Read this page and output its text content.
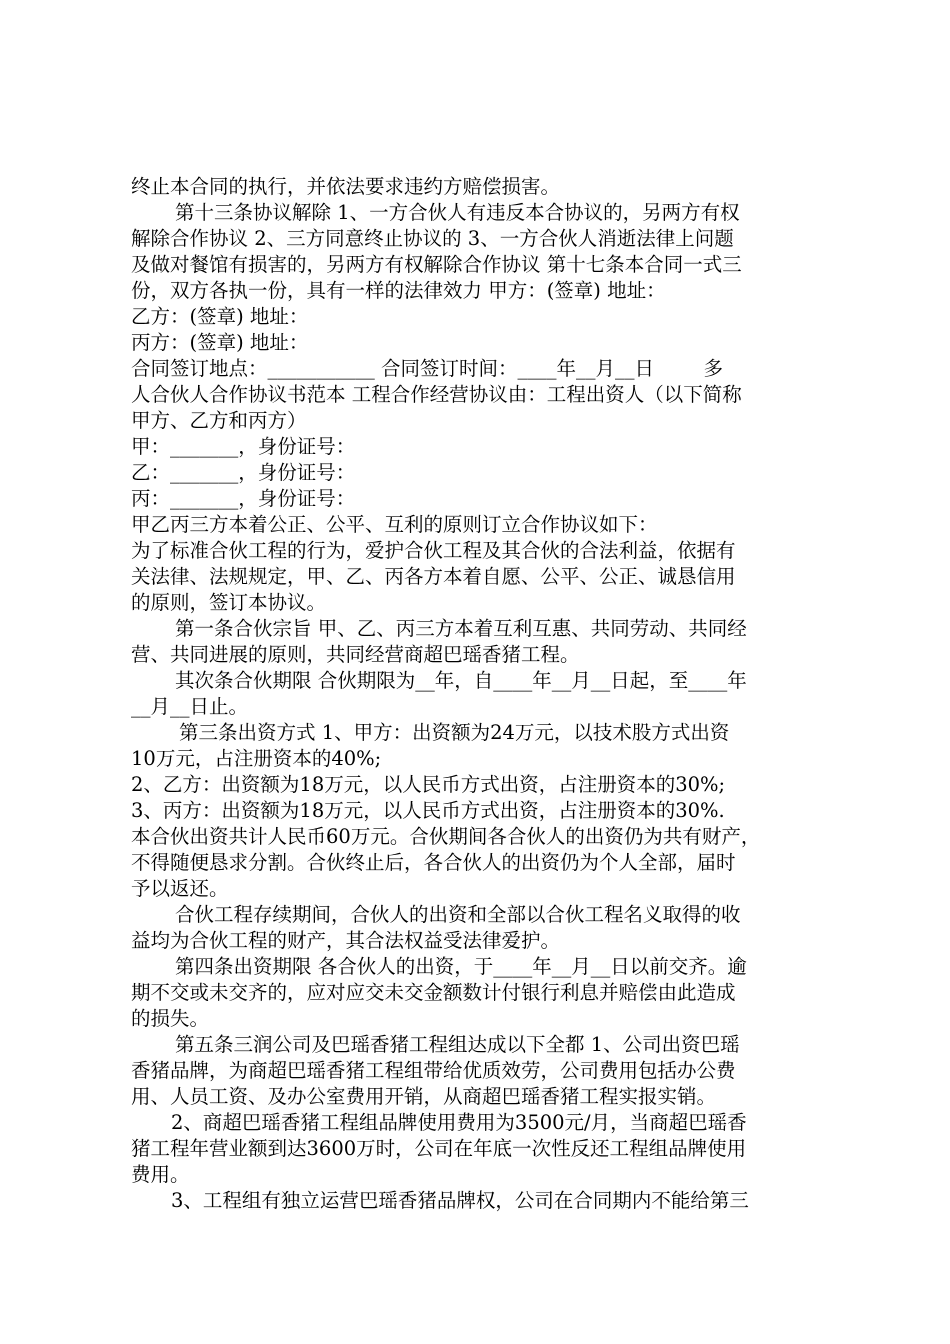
终止本合同的执行，并依法要求违约方赔偿损害。
第十三条协议解除 1、一方合伙人有违反本合协议的，另两方有权
解除合作协议 2、三方同意终止协议的 3、一方合伙人消逝法律上问题
及做对餐馆有损害的，另两方有权解除合作协议 第十七条本合同一式三
份，双方各执一份，具有一样的法律效力 甲方：(签章) 地址：
乙方：(签章) 地址：
丙方：(签章) 地址：
合同签订地点：___________ 合同签订时间：____年__月__日        多
人合伙人合作协议书范本 工程合作经营协议由：工程出资人（以下简称
甲方、乙方和丙方）
甲：_______，身份证号：
乙：_______，身份证号：
丙：_______，身份证号：
甲乙丙三方本着公正、公平、互利的原则订立合作协议如下：
为了标准合伙工程的行为，爱护合伙工程及其合伙的合法利益，依据有
关法律、法规规定，甲、乙、丙各方本着自愿、公平、公正、诚恳信用
的原则，签订本协议。
第一条合伙宗旨 甲、乙、丙三方本着互利互惠、共同劳动、共同经
营、共同进展的原则，共同经营商超巴瑶香猪工程。
其次条合伙期限 合伙期限为__年，自____年__月__日起，至____年
__月__日止。
第三条出资方式 1、甲方：出资额为24万元，以技术股方式出资
10万元，占注册资本的40%;
2、乙方：出资额为18万元，以人民币方式出资，占注册资本的30%;
3、丙方：出资额为18万元，以人民币方式出资，占注册资本的30%.
本合伙出资共计人民币60万元。合伙期间各合伙人的出资仍为共有财产，
不得随便恳求分割。合伙终止后，各合伙人的出资仍为个人全部，届时
予以返还。
合伙工程存续期间，合伙人的出资和全部以合伙工程名义取得的收
益均为合伙工程的财产，其合法权益受法律爱护。
第四条出资期限 各合伙人的出资，于____年__月__日以前交齐。逾
期不交或未交齐的，应对应交未交金额数计付银行利息并赔偿由此造成
的损失。
第五条三润公司及巴瑶香猪工程组达成以下全都 1、公司出资巴瑶
香猪品牌，为商超巴瑶香猪工程组带给优质效劳，公司费用包括办公费
用、人员工资、及办公室费用开销，从商超巴瑶香猪工程实报实销。
2、商超巴瑶香猪工程组品牌使用费用为3500元/月，当商超巴瑶香
猪工程年营业额到达3600万时，公司在年底一次性反还工程组品牌使用
费用。
3、工程组有独立运营巴瑶香猪品牌权，公司在合同期内不能给第三
